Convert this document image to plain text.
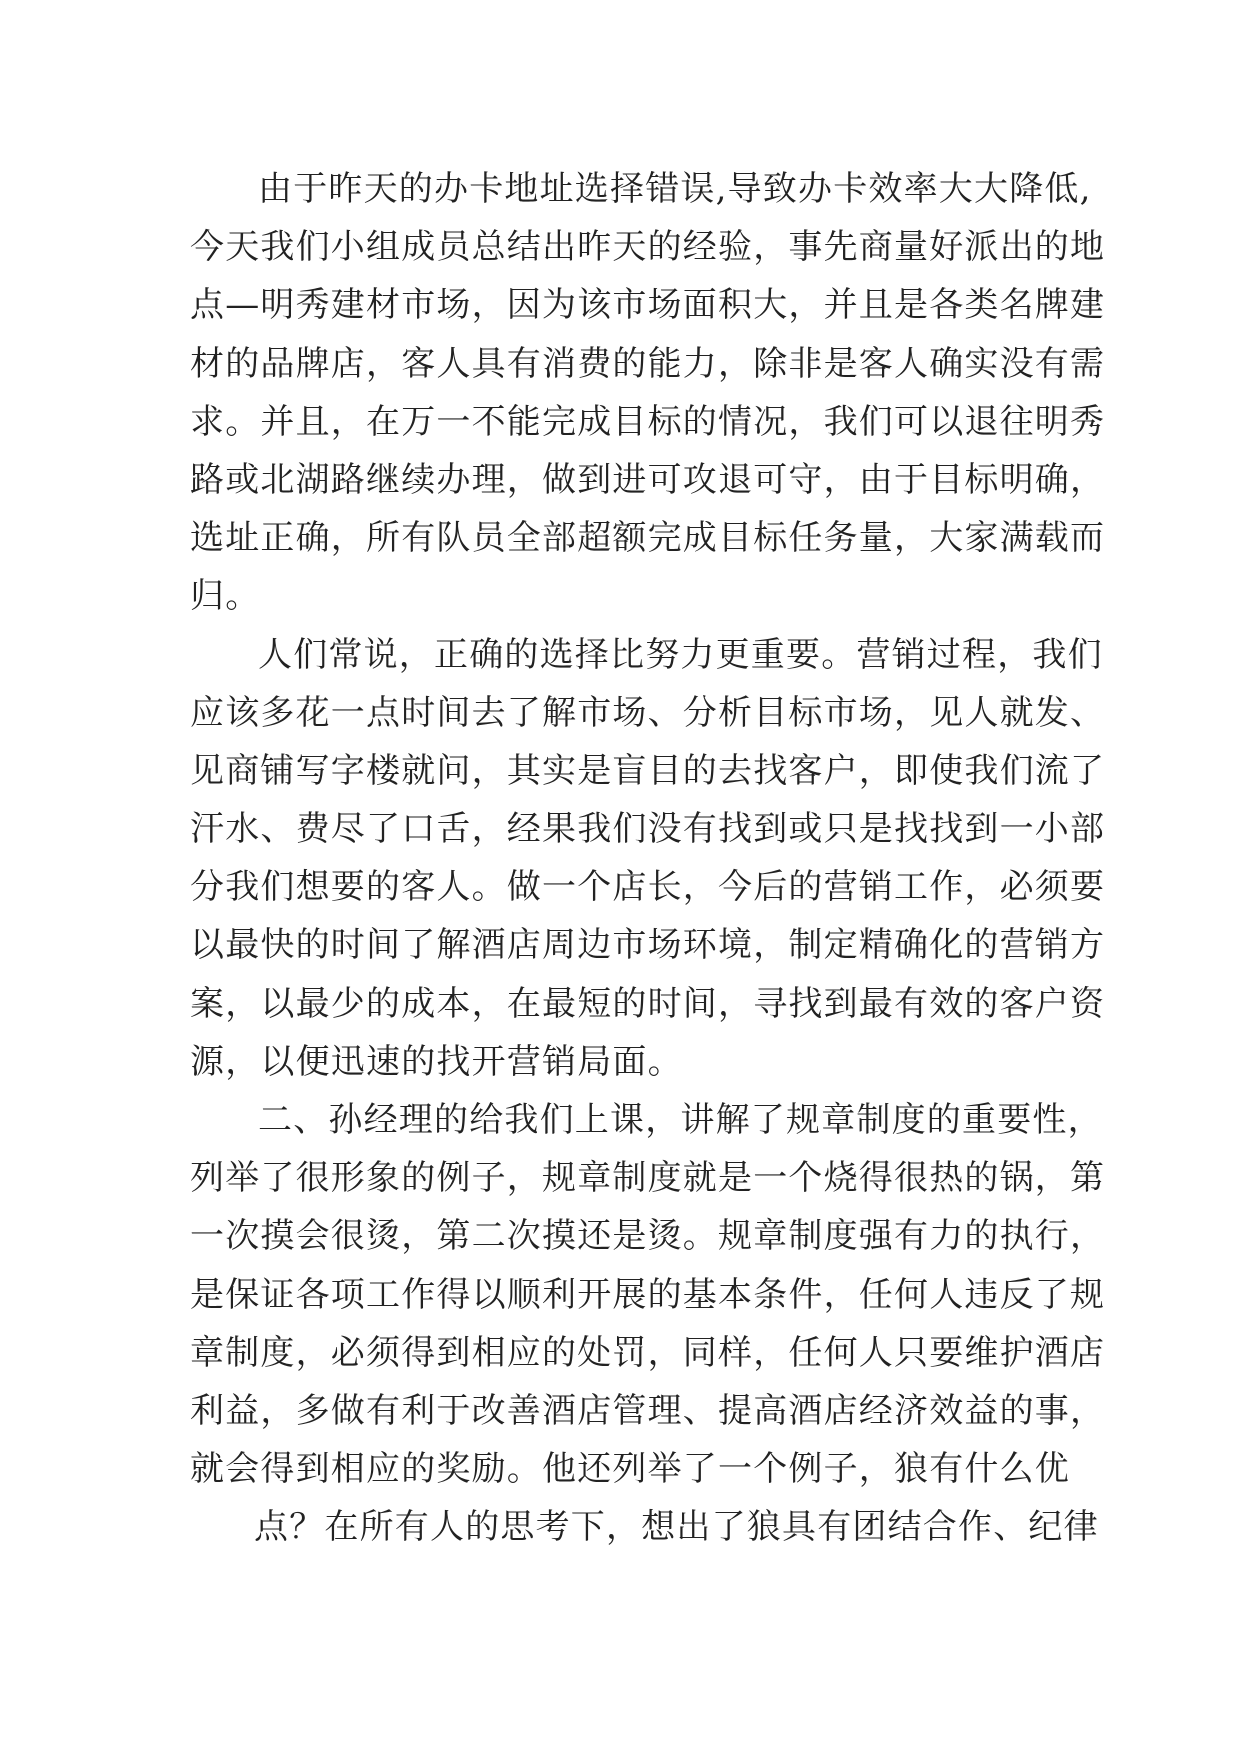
由于昨天的办卡地址选择错误,导致办卡效率大大降低,
今天我们小组成员总结出昨天的经验，事先商量好派出的地
点—明秀建材市场，因为该市场面积大，并且是各类名牌建
材的品牌店，客人具有消费的能力，除非是客人确实没有需
求。并且，在万一不能完成目标的情况，我们可以退往明秀
路或北湖路继续办理，做到进可攻退可守，由于目标明确，
选址正确，所有队员全部超额完成目标任务量，大家满载而
归。
人们常说，正确的选择比努力更重要。营销过程，我们
应该多花一点时间去了解市场、分析目标市场，见人就发、
见商铺写字楼就问，其实是盲目的去找客户，即使我们流了
汗水、费尽了口舌，经果我们没有找到或只是找找到一小部
分我们想要的客人。做一个店长，今后的营销工作，必须要
以最快的时间了解酒店周边市场环境，制定精确化的营销方
案，以最少的成本，在最短的时间，寻找到最有效的客户资
源，以便迅速的找开营销局面。
二、孙经理的给我们上课，讲解了规章制度的重要性，
列举了很形象的例子，规章制度就是一个烧得很热的锅，第
一次摸会很烫，第二次摸还是烫。规章制度强有力的执行，
是保证各项工作得以顺利开展的基本条件，任何人违反了规
章制度，必须得到相应的处罚，同样，任何人只要维护酒店
利益，多做有利于改善酒店管理、提高酒店经济效益的事，
就会得到相应的奖励。他还列举了一个例子，狼有什么优
点？在所有人的思考下，想出了狼具有团结合作、纪律
